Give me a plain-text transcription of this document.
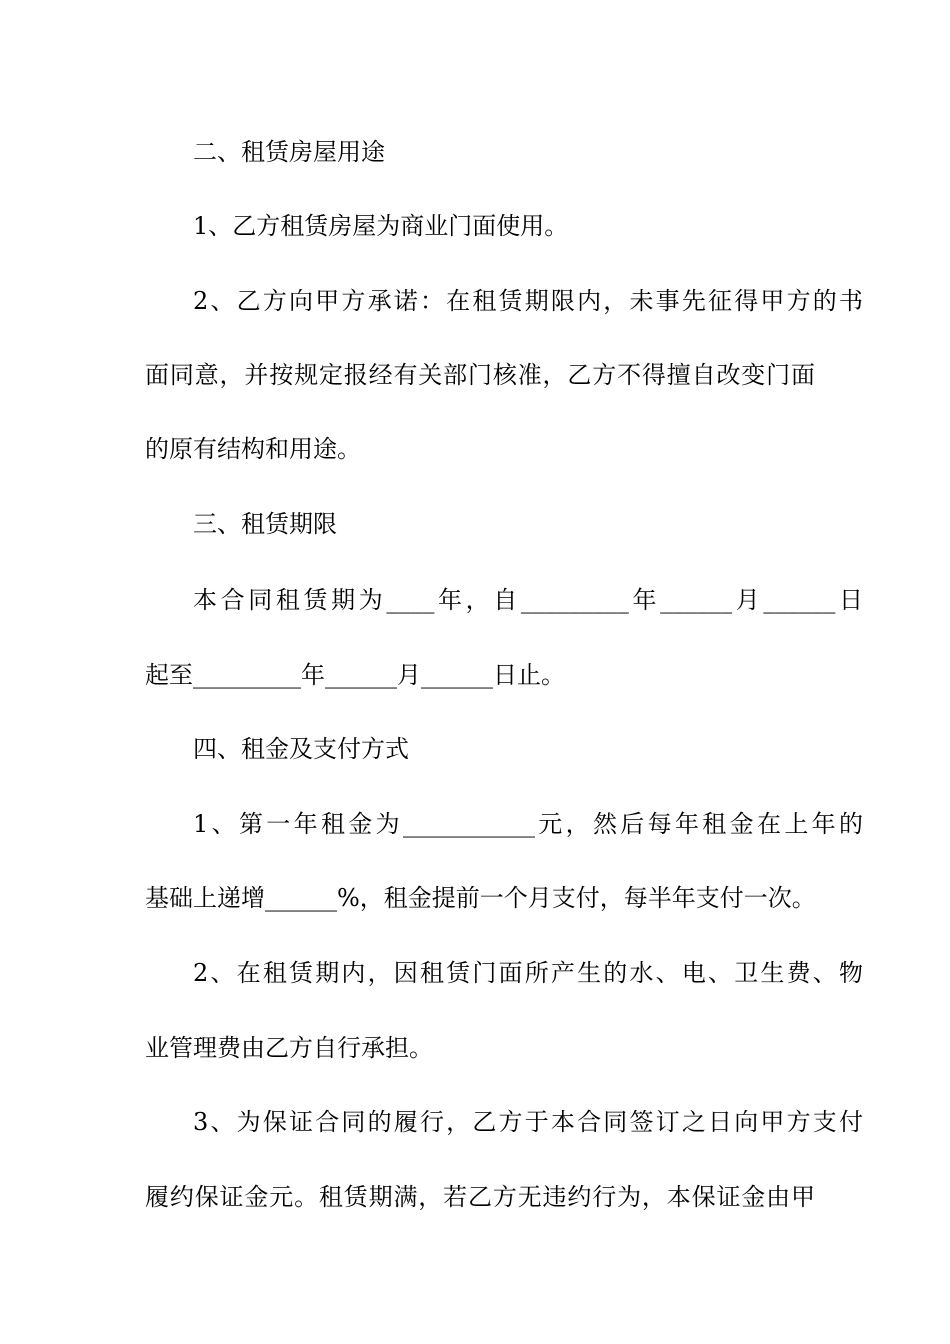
二、租赁房屋用途
1、乙方租赁房屋为商业门面使用。
2、乙方向甲方承诺：在租赁期限内，未事先征得甲方的书
面同意，并按规定报经有关部门核准，乙方不得擅自改变门面
的原有结构和用途。
三、租赁期限
本合同租赁期为____年，自_________年______月______日
起至_________年______月______日止。
四、租金及支付方式
1、第一年租金为___________元，然后每年租金在上年的
基础上递增______%，租金提前一个月支付，每半年支付一次。
2、在租赁期内，因租赁门面所产生的水、电、卫生费、物
业管理费由乙方自行承担。
3、为保证合同的履行，乙方于本合同签订之日向甲方支付
履约保证金元。租赁期满，若乙方无违约行为，本保证金由甲
